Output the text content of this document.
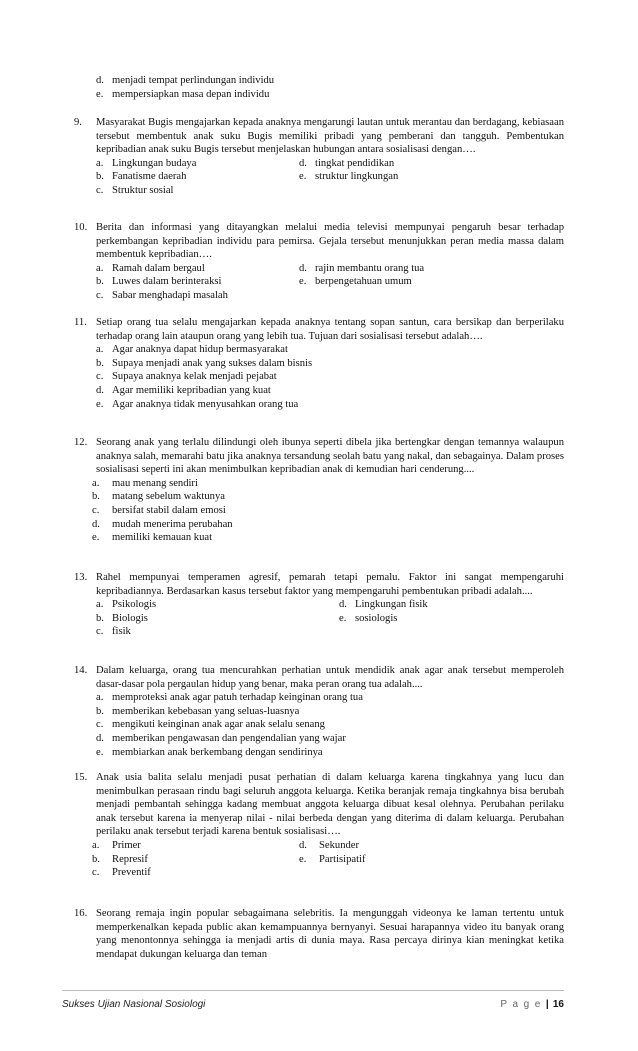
d. menjadi tempat perlindungan individu
e. mempersiapkan masa depan individu
9.	Masyarakat Bugis mengajarkan kepada anaknya mengarungi lautan untuk merantau dan berdagang, kebiasaan tersebut membentuk anak suku Bugis memiliki pribadi yang pemberani dan tangguh. Pembentukan kepribadian anak suku Bugis tersebut menjelaskan hubungan antara sosialisasi dengan….
a. Lingkungan budaya	d. tingkat pendidikan
b. Fanatisme daerah	e. struktur lingkungan
c. Struktur sosial
10. Berita dan informasi yang ditayangkan melalui media televisi mempunyai pengaruh besar terhadap perkembangan kepribadian individu para pemirsa. Gejala tersebut menunjukkan peran media massa dalam membentuk kepribadian….
a. Ramah dalam bergaul	d. rajin membantu orang tua
b. Luwes dalam berinteraksi	e. berpengetahuan umum
c. Sabar menghadapi masalah
11. Setiap orang tua selalu mengajarkan kepada anaknya tentang sopan santun, cara bersikap dan berperilaku terhadap orang lain ataupun orang yang lebih tua. Tujuan dari sosialisasi tersebut adalah….
a. Agar anaknya dapat hidup bermasyarakat
b. Supaya menjadi anak yang sukses dalam bisnis
c. Supaya anaknya kelak menjadi pejabat
d. Agar memiliki kepribadian yang kuat
e. Agar anaknya tidak menyusahkan orang tua
12. Seorang anak yang terlalu dilindungi oleh ibunya seperti dibela jika bertengkar dengan temannya walaupun anaknya salah, memarahi batu jika anaknya tersandung seolah batu yang nakal, dan sebagainya. Dalam proses sosialisasi seperti ini akan menimbulkan kepribadian anak di kemudian hari cenderung....
a.	mau menang sendiri
b.	matang sebelum waktunya
c.	bersifat stabil dalam emosi
d.	mudah menerima perubahan
e.	memiliki kemauan kuat
13. Rahel mempunyai temperamen agresif, pemarah tetapi pemalu. Faktor ini sangat mempengaruhi kepribadiannya. Berdasarkan kasus tersebut faktor yang mempengaruhi pembentukan pribadi adalah....
a. Psikologis	d. Lingkungan fisik
b. Biologis	e. sosiologis
c. fisik
14. Dalam keluarga, orang tua mencurahkan perhatian untuk mendidik anak agar anak tersebut memperoleh dasar-dasar pola pergaulan hidup yang benar, maka peran orang tua adalah....
a. memproteksi anak agar patuh terhadap keinginan orang tua
b. memberikan kebebasan yang seluas-luasnya
c. mengikuti keinginan anak agar anak selalu senang
d. memberikan pengawasan dan pengendalian yang wajar
e. membiarkan anak berkembang dengan sendirinya
15. Anak usia balita selalu menjadi pusat perhatian di dalam keluarga karena tingkahnya yang lucu dan menimbulkan perasaan rindu bagi seluruh anggota keluarga. Ketika beranjak remaja tingkahnya bisa berubah menjadi pembantah sehingga kadang membuat anggota keluarga dibuat kesal olehnya. Perubahan perilaku anak tersebut karena ia menyerap nilai - nilai berbeda dengan yang diterima di dalam keluarga. Perubahan perilaku anak tersebut terjadi karena bentuk sosialisasi….
a.	Primer	d.	Sekunder
b.	Represif	e.	Partisipatif
c.	Preventif
16. Seorang remaja ingin popular sebagaimana selebritis. Ia mengunggah videonya ke laman tertentu untuk memperkenalkan kepada public akan kemampuannya bernyanyi. Sesuai harapannya video itu banyak orang yang menontonnya sehingga ia menjadi artis di dunia maya. Rasa percaya dirinya kian meningkat ketika mendapat dukungan keluarga dan teman
Sukses Ujian Nasional Sosiologi	P a g e | 16
